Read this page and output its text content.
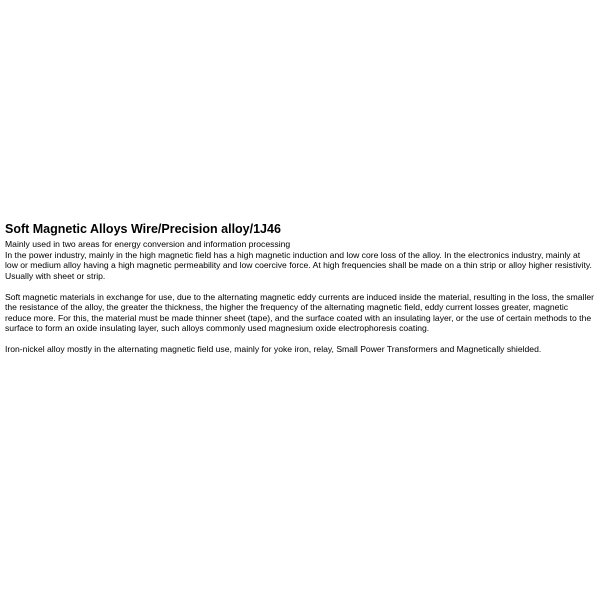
Soft Magnetic Alloys Wire/Precision alloy/1J46

Mainly used in two areas for energy conversion and information processing

In the power industry, mainly in the high magnetic field has a high magnetic induction and low core loss of the alloy. In the electronics industry, mainly at low or medium alloy having a high magnetic permeability and low coercive force. At high frequencies shall be made on a thin strip or alloy higher resistivity. Usually with sheet or strip.

Soft magnetic materials in exchange for use, due to the alternating magnetic eddy currents are induced inside the material, resulting in the loss, the smaller the resistance of the alloy, the greater the thickness, the higher the frequency of the alternating magnetic field, eddy current losses greater, magnetic reduce more. For this, the material must be made thinner sheet (tape), and the surface coated with an insulating layer, or the use of certain methods to the surface to form an oxide insulating layer, such alloys commonly used magnesium oxide electrophoresis coating.

Iron-nickel alloy mostly in the alternating magnetic field use, mainly for yoke iron, relay, Small Power Transformers and Magnetically shielded.
